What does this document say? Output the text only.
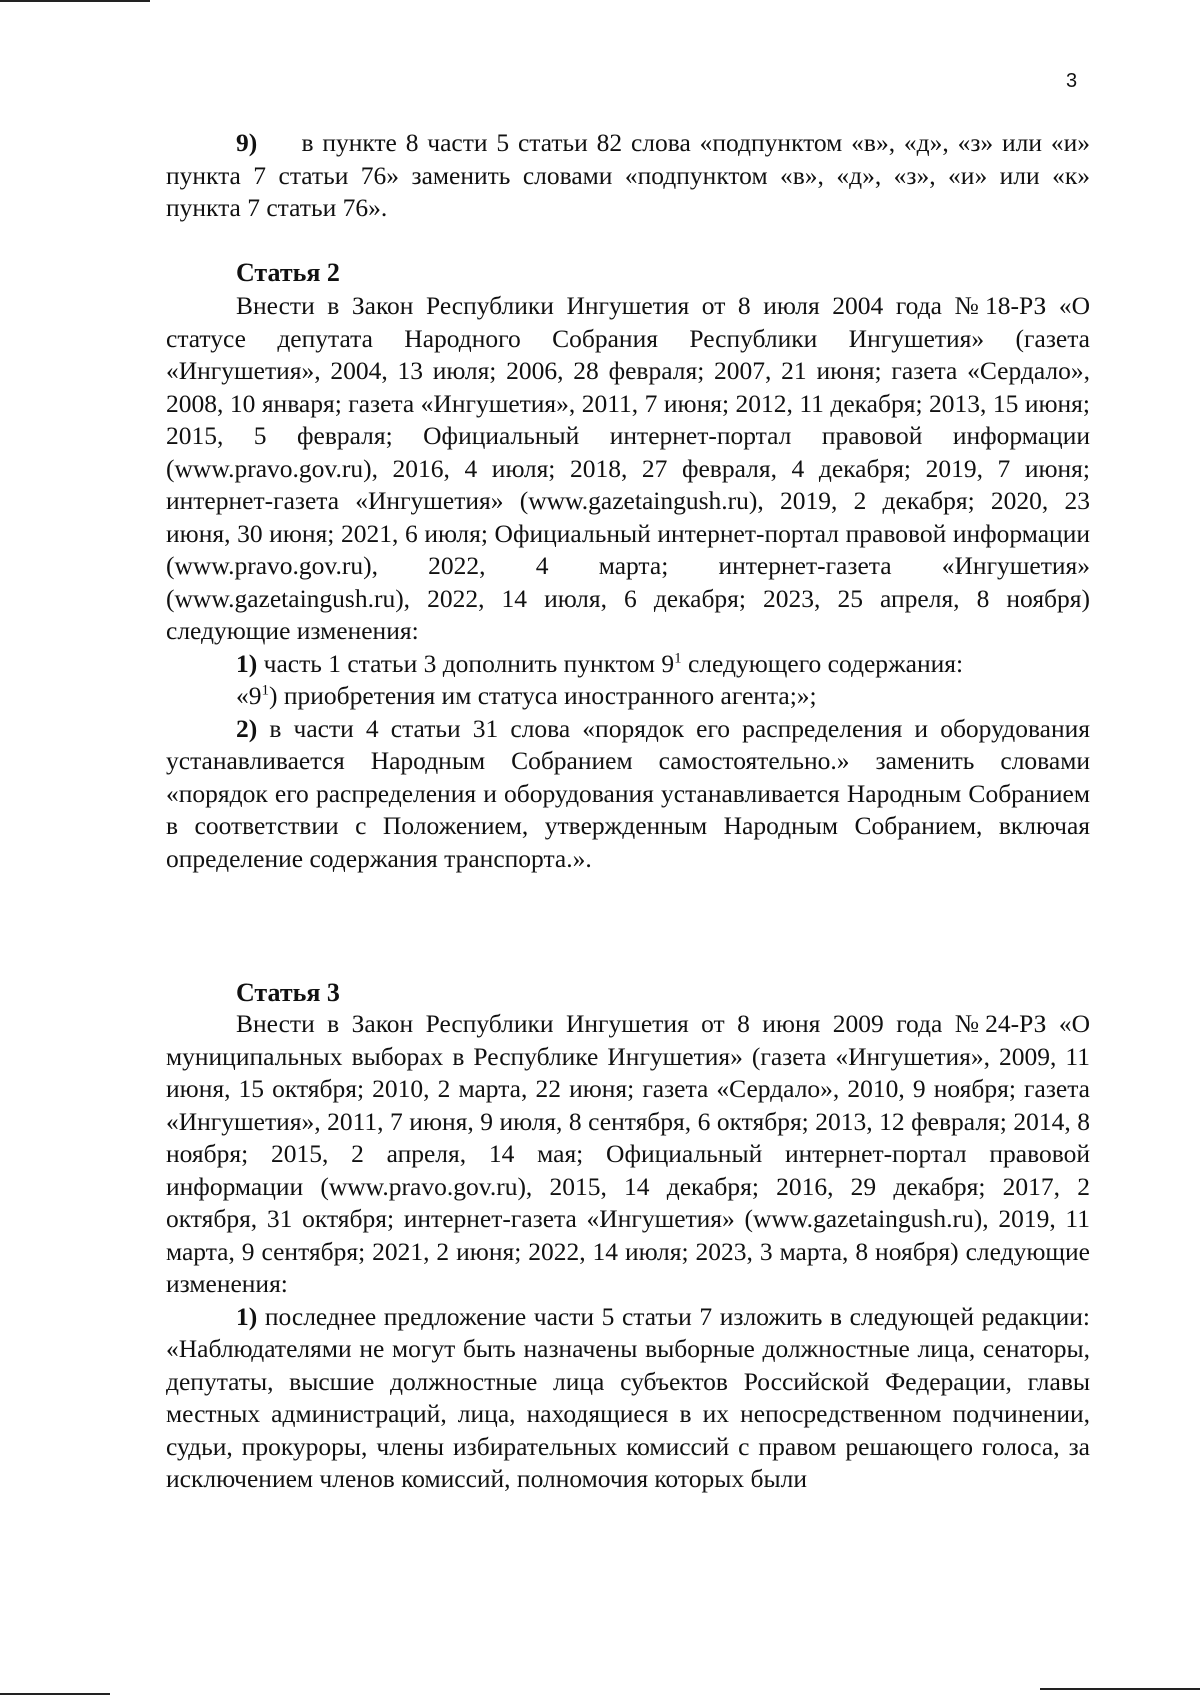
3

9) в пункте 8 части 5 статьи 82 слова «подпунктом «в», «д», «з» или «и» пункта 7 статьи 76» заменить словами «подпунктом «в», «д», «з», «и» или «к» пункта 7 статьи 76».

Статья 2

Внести в Закон Республики Ингушетия от 8 июля 2004 года №18-РЗ «О статусе депутата Народного Собрания Республики Ингушетия» (газета «Ингушетия», 2004, 13 июля; 2006, 28 февраля; 2007, 21 июня; газета «Сердало», 2008, 10 января; газета «Ингушетия», 2011, 7 июня; 2012, 11 декабря; 2013, 15 июня; 2015, 5 февраля; Официальный интернет-портал правовой информации (www.pravo.gov.ru), 2016, 4 июля; 2018, 27 февраля, 4 декабря; 2019, 7 июня; интернет-газета «Ингушетия» (www.gazetaingush.ru), 2019, 2 декабря; 2020, 23 июня, 30 июня; 2021, 6 июля; Официальный интернет-портал правовой информации (www.pravo.gov.ru), 2022, 4 марта; интернет-газета «Ингушетия» (www.gazetaingush.ru), 2022, 14 июля, 6 декабря; 2023, 25 апреля, 8 ноября) следующие изменения:

1) часть 1 статьи 3 дополнить пунктом $9^1$ следующего содержания:

«$9^1$) приобретения им статуса иностранного агента;»;

2) в части 4 статьи 31 слова «порядок его распределения и оборудования устанавливается Народным Собранием самостоятельно.» заменить словами «порядок его распределения и оборудования устанавливается Народным Собранием в соответствии с Положением, утвержденным Народным Собранием, включая определение содержания транспорта.».

Статья 3

Внести в Закон Республики Ингушетия от 8 июня 2009 года №24-РЗ «О муниципальных выборах в Республике Ингушетия» (газета «Ингушетия», 2009, 11 июня, 15 октября; 2010, 2 марта, 22 июня; газета «Сердало», 2010, 9 ноября; газета «Ингушетия», 2011, 7 июня, 9 июля, 8 сентября, 6 октября; 2013, 12 февраля; 2014, 8 ноября; 2015, 2 апреля, 14 мая; Официальный интернет-портал правовой информации (www.pravo.gov.ru), 2015, 14 декабря; 2016, 29 декабря; 2017, 2 октября, 31 октября; интернет-газета «Ингушетия» (www.gazetaingush.ru), 2019, 11 марта, 9 сентября; 2021, 2 июня; 2022, 14 июля; 2023, 3 марта, 8 ноября) следующие изменения:

1) последнее предложение части 5 статьи 7 изложить в следующей редакции: «Наблюдателями не могут быть назначены выборные должностные лица, сенаторы, депутаты, высшие должностные лица субъектов Российской Федерации, главы местных администраций, лица, находящиеся в их непосредственном подчинении, судьи, прокуроры, члены избирательных комиссий с правом решающего голоса, за исключением членов комиссий, полномочия которых были
